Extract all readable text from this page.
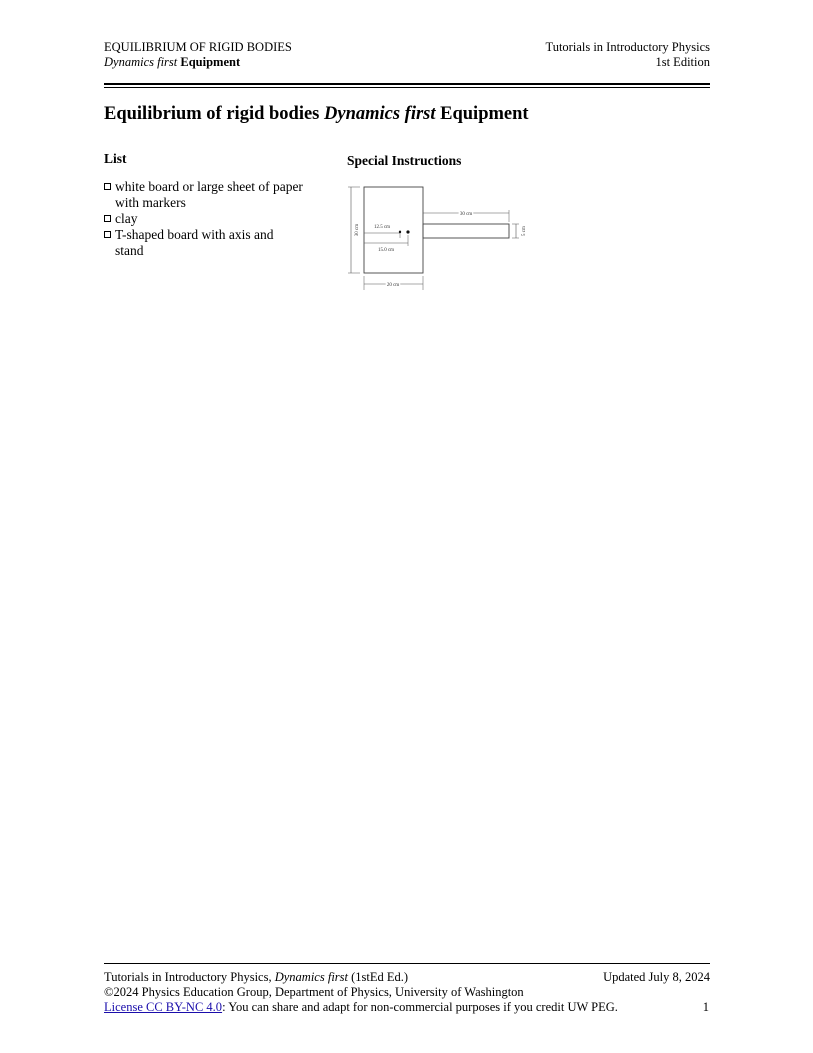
EQUILIBRIUM OF RIGID BODIES
Dynamics first Equipment
Tutorials in Introductory Physics
1st Edition
Equilibrium of rigid bodies Dynamics first Equipment
List	Special Instructions
white board or large sheet of paper with markers
clay
T-shaped board with axis and stand
30 cm
30 cm
5 cm
12.5 cm
15.0 cm
20 cm
Tutorials in Introductory Physics, Dynamics first (1stEd Ed.)
©2024 Physics Education Group, Department of Physics, University of Washington
License CC BY-NC 4.0: You can share and adapt for non-commercial purposes if you credit UW PEG.
Updated July 8, 2024
1
